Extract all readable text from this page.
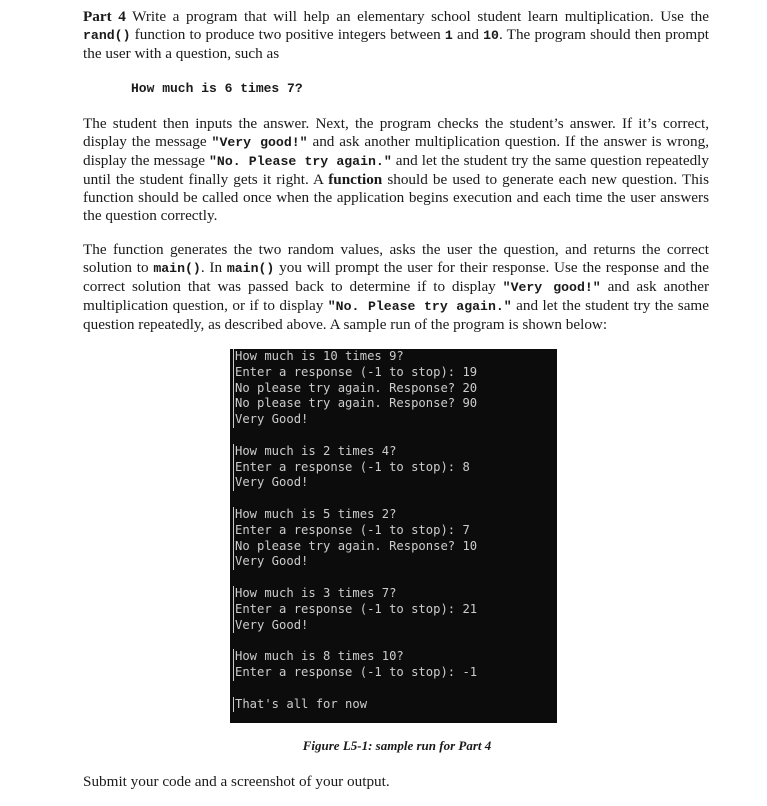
Part 4 Write a program that will help an elementary school student learn multiplication. Use the rand() function to produce two positive integers between 1 and 10. The program should then prompt the user with a question, such as

How much is 6 times 7?

The student then inputs the answer. Next, the program checks the student’s answer. If it’s correct, display the message "Very good!" and ask another multiplication question. If the answer is wrong, display the message "No. Please try again." and let the student try the same question repeatedly until the student finally gets it right. A function should be used to generate each new question. This function should be called once when the application begins execution and each time the user answers the question correctly.

The function generates the two random values, asks the user the question, and returns the correct solution to main(). In main() you will prompt the user for their response. Use the response and the correct solution that was passed back to determine if to display "Very good!" and ask another multiplication question, or if to display "No. Please try again." and let the student try the same question repeatedly, as described above. A sample run of the program is shown below:

How much is 10 times 9?
Enter a response (-1 to stop): 19
No please try again. Response? 20
No please try again. Response? 90
Very Good!
How much is 2 times 4?
Enter a response (-1 to stop): 8
Very Good!
How much is 5 times 2?
Enter a response (-1 to stop): 7
No please try again. Response? 10
Very Good!
How much is 3 times 7?
Enter a response (-1 to stop): 21
Very Good!
How much is 8 times 10?
Enter a response (-1 to stop): -1
That's all for now
Figure L5-1: sample run for Part 4
Submit your code and a screenshot of your output.
